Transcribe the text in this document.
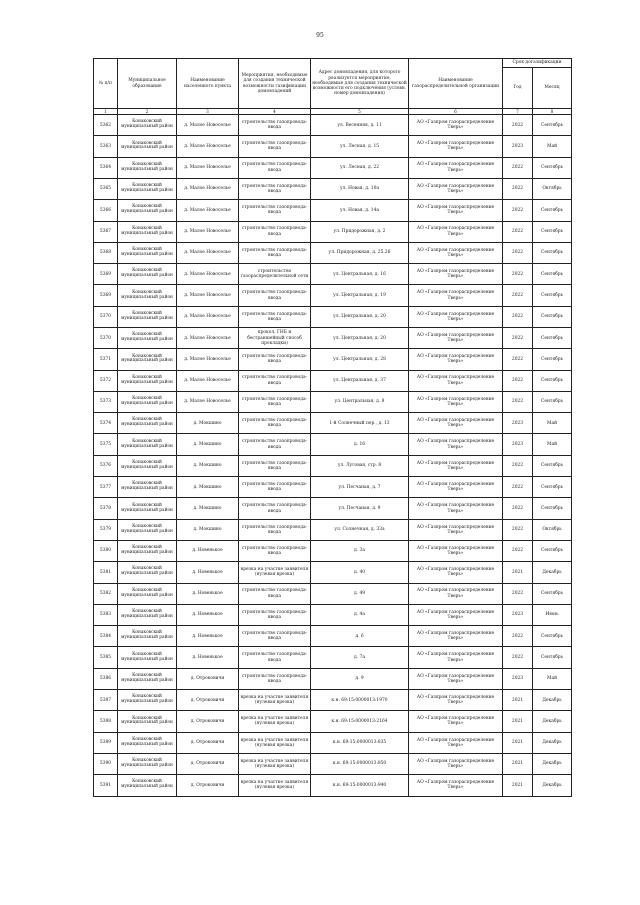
95
№ п/п	Муниципальное образование	Наименование населенного пункта	Мероприятия, необходимые для создания технической возможности газификации домовладений	Адрес домовладения, для которого реализуется мероприятие, необходимые для создания технической возможности его подключения (условн. номер домовладения)	Наименование газораспределительной организации	Срок догазификации	
						Год	Месяц
1	2	3	4	5	6	7	8
5362	Конаковский муниципальный район	д. Малое Новоселье	строительство газопровода-ввода	ул. Весенняя, д. 11	АО «Газпром газораспределение Тверь»	2022	Сентябрь
5363	Конаковский муниципальный район	д. Малое Новоселье	строительство газопровода-ввода	ул. Лесная, д. 15	АО «Газпром газораспределение Тверь»	2023	Май
5364	Конаковский муниципальный район	д. Малое Новоселье	строительство газопровода-ввода	ул. Лесная, д. 22	АО «Газпром газораспределение Тверь»	2022	Сентябрь
5365	Конаковский муниципальный район	д. Малое Новоселье	строительство газопровода-ввода	ул. Новая, д. 10а	АО «Газпром газораспределение Тверь»	2022	Октябрь
5366	Конаковский муниципальный район	д. Малое Новоселье	строительство газопровода-ввода	ул. Новая, д. 14а	АО «Газпром газораспределение Тверь»	2022	Сентябрь
5367	Конаковский муниципальный район	д. Малое Новоселье	строительство газопровода-ввода	ул. Придорожная, д. 2	АО «Газпром газораспределение Тверь»	2022	Сентябрь
5368	Конаковский муниципальный район	д. Малое Новоселье	строительство газопровода-ввода	ул. Придорожная, д. 25.26	АО «Газпром газораспределение Тверь»	2022	Сентябрь
5369	Конаковский муниципальный район	д. Малое Новоселье	строительство газораспределительной сети	ул. Центральная, д. 16	АО «Газпром газораспределение Тверь»	2022	Сентябрь
5369	Конаковский муниципальный район	д. Малое Новоселье	строительство газопровода-ввода	ул. Центральная, д. 19	АО «Газпром газораспределение Тверь»	2022	Сентябрь
5370	Конаковский муниципальный район	д. Малое Новоселье	строительство газопровода-ввода	ул. Центральная, д. 20	АО «Газпром газораспределение Тверь»	2022	Сентябрь
5370	Конаковский муниципальный район	д. Малое Новоселье	прокол, ГНБ и бестраншейный способ прокладки)	ул. Центральная, д. 20	АО «Газпром газораспределение Тверь»	2022	Сентябрь
5371	Конаковский муниципальный район	д. Малое Новоселье	строительство газопровода-ввода	ул. Центральная, д. 28	АО «Газпром газораспределение Тверь»	2022	Сентябрь
5372	Конаковский муниципальный район	д. Малое Новоселье	строительство газопровода-ввода	ул. Центральная, д. 37	АО «Газпром газораспределение Тверь»	2022	Сентябрь
5373	Конаковский муниципальный район	д. Малое Новоселье	строительство газопровода-ввода	ул. Центральная, д. 8	АО «Газпром газораспределение Тверь»	2022	Сентябрь
5374	Конаковский муниципальный район	д. Мокшино	строительство газопровода-ввода	1-й Солнечный пер., д. 13	АО «Газпром газораспределение Тверь»	2023	Май
5375	Конаковский муниципальный район	д. Мокшино	строительство газопровода-ввода	д. 16	АО «Газпром газораспределение Тверь»	2023	Май
5376	Конаковский муниципальный район	д. Мокшино	строительство газопровода-ввода	ул. Луговая, стр. 8	АО «Газпром газораспределение Тверь»	2022	Сентябрь
5377	Конаковский муниципальный район	д. Мокшино	строительство газопровода-ввода	ул. Песчаная, д. 7	АО «Газпром газораспределение Тверь»	2022	Сентябрь
5378	Конаковский муниципальный район	д. Мокшино	строительство газопровода-ввода	ул. Песчаная, д. 9	АО «Газпром газораспределение Тверь»	2022	Сентябрь
5379	Конаковский муниципальный район	д. Мокшино	строительство газопровода-ввода	ул. Солнечная, д. 33а	АО «Газпром газораспределение Тверь»	2022	Октябрь
5380	Конаковский муниципальный район	д. Новенькое	строительство газопровода-ввода	д. 3а	АО «Газпром газораспределение Тверь»	2022	Сентябрь
5381	Конаковский муниципальный район	д. Новенькое	врезка на участке заявителя (нулевая врезка)	д. 40	АО «Газпром газораспределение Тверь»	2021	Декабрь
5382	Конаковский муниципальный район	д. Новенькое	строительство газопровода-ввода	д. 49	АО «Газпром газораспределение Тверь»	2022	Сентябрь
5383	Конаковский муниципальный район	д. Новенькое	строительство газопровода-ввода	д. 4а	АО «Газпром газораспределение Тверь»	2023	Июнь
5384	Конаковский муниципальный район	д. Новенькое	строительство газопровода-ввода	д. 6	АО «Газпром газораспределение Тверь»	2022	Сентябрь
5385	Конаковский муниципальный район	д. Новенькое	строительство газопровода-ввода	д. 7а	АО «Газпром газораспределение Тверь»	2022	Сентябрь
5386	Конаковский муниципальный район	д. Отроковичи	строительство газопровода-ввода	д. 9	АО «Газпром газораспределение Тверь»	2023	Май
5387	Конаковский муниципальный район	д. Отроковичи	врезка на участке заявителя (нулевая врезка)	к.н. 69:15:0000013:1970	АО «Газпром газораспределение Тверь»	2021	Декабрь
5388	Конаковский муниципальный район	д. Отроковичи	врезка на участке заявителя (нулевая врезка)	к.н. 69:15:0000013:2164	АО «Газпром газораспределение Тверь»	2021	Декабрь
5389	Конаковский муниципальный район	д. Отроковичи	врезка на участке заявителя (нулевая врезка)	к.н. 69:15:0000013:835	АО «Газпром газораспределение Тверь»	2021	Декабрь
5390	Конаковский муниципальный район	д. Отроковичи	врезка на участке заявителя (нулевая врезка)	к.н. 69:15:0000013:850	АО «Газпром газораспределение Тверь»	2021	Декабрь
5391	Конаковский муниципальный район	д. Отроковичи	врезка на участке заявителя (нулевая врезка)	к.н. 69:15:0000013:940	АО «Газпром газораспределение Тверь»	2021	Декабрь
